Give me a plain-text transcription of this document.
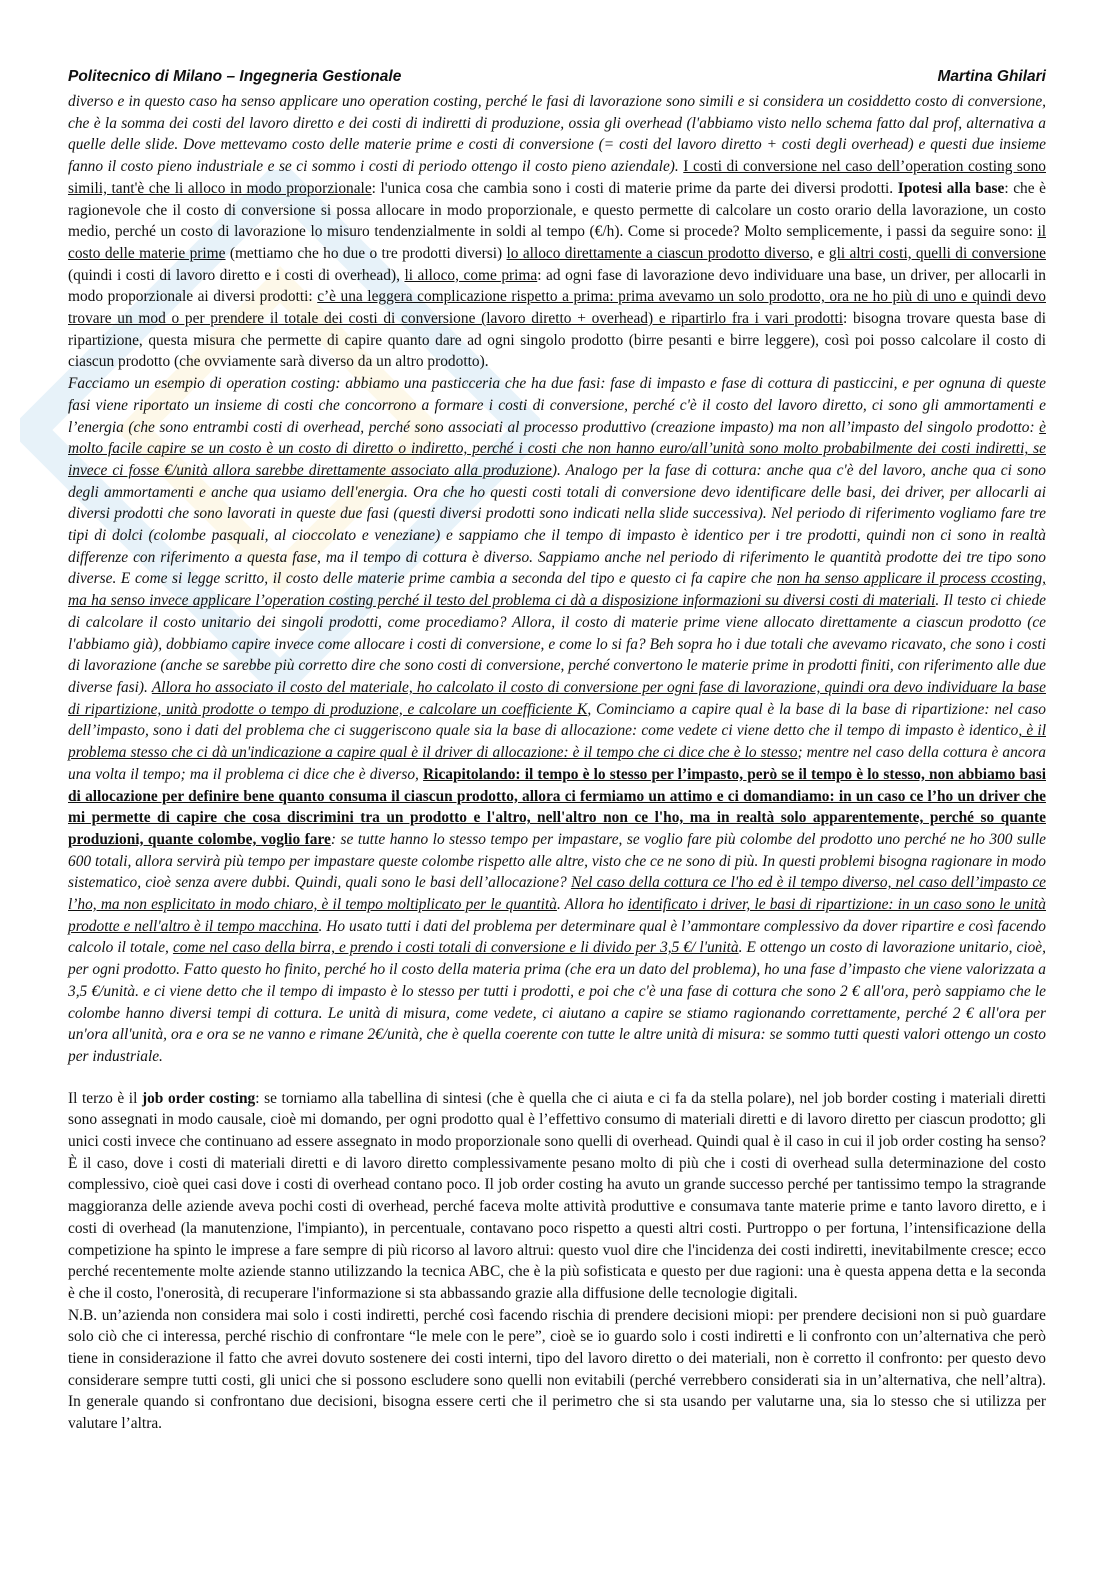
Politecnico di Milano – Ingegneria Gestionale	Martina Ghilari

diverso e in questo caso ha senso applicare uno operation costing, perché le fasi di lavorazione sono simili e si considera un cosiddetto costo di conversione, che è la somma dei costi del lavoro diretto e dei costi di indiretti di produzione, ossia gli overhead (l'abbiamo visto nello schema fatto dal prof, alternativa a quelle delle slide. Dove mettevamo costo delle materie prime e costi di conversione (= costi del lavoro diretto + costi degli overhead) e questi due insieme fanno il costo pieno industriale e se ci sommo i costi di periodo ottengo il costo pieno aziendale). I costi di conversione nel caso dell’operation costing sono simili, tant'è che li alloco in modo proporzionale: l'unica cosa che cambia sono i costi di materie prime da parte dei diversi prodotti. Ipotesi alla base: che è ragionevole che il costo di conversione si possa allocare in modo proporzionale, e questo permette di calcolare un costo orario della lavorazione, un costo medio, perché un costo di lavorazione lo misuro tendenzialmente in soldi al tempo (€/h). Come si procede? Molto semplicemente, i passi da seguire sono: il costo delle materie prime (mettiamo che ho due o tre prodotti diversi) lo alloco direttamente a ciascun prodotto diverso, e gli altri costi, quelli di conversione (quindi i costi di lavoro diretto e i costi di overhead), li alloco, come prima: ad ogni fase di lavorazione devo individuare una base, un driver, per allocarli in modo proporzionale ai diversi prodotti: c’è una leggera complicazione rispetto a prima: prima avevamo un solo prodotto, ora ne ho più di uno e quindi devo trovare un mod o per prendere il totale dei costi di conversione (lavoro diretto + overhead) e ripartirlo fra i vari prodotti: bisogna trovare questa base di ripartizione, questa misura che permette di capire quanto dare ad ogni singolo prodotto (birre pesanti e birre leggere), così poi posso calcolare il costo di ciascun prodotto (che ovviamente sarà diverso da un altro prodotto).

Facciamo un esempio di operation costing: abbiamo una pasticceria che ha due fasi: fase di impasto e fase di cottura di pasticcini, e per ognuna di queste fasi viene riportato un insieme di costi che concorrono a formare i costi di conversione, perché c'è il costo del lavoro diretto, ci sono gli ammortamenti e l’energia (che sono entrambi costi di overhead, perché sono associati al processo produttivo (creazione impasto) ma non all’impasto del singolo prodotto: è molto facile capire se un costo è un costo di diretto o indiretto, perché i costi che non hanno euro/all’unità sono molto probabilmente dei costi indiretti, se invece ci fosse €/unità allora sarebbe direttamente associato alla produzione). Analogo per la fase di cottura: anche qua c'è del lavoro, anche qua ci sono degli ammortamenti e anche qua usiamo dell'energia. Ora che ho questi costi totali di conversione devo identificare delle basi, dei driver, per allocarli ai diversi prodotti che sono lavorati in queste due fasi (questi diversi prodotti sono indicati nella slide successiva). Nel periodo di riferimento vogliamo fare tre tipi di dolci (colombe pasquali, al cioccolato e veneziane) e sappiamo che il tempo di impasto è identico per i tre prodotti, quindi non ci sono in realtà differenze con riferimento a questa fase, ma il tempo di cottura è diverso. Sappiamo anche nel periodo di riferimento le quantità prodotte dei tre tipo sono diverse. E come si legge scritto, il costo delle materie prime cambia a seconda del tipo e questo ci fa capire che non ha senso applicare il process ccosting, ma ha senso invece applicare l’operation costing perché il testo del problema ci dà a disposizione informazioni su diversi costi di materiali. Il testo ci chiede di calcolare il costo unitario dei singoli prodotti, come procediamo? Allora, il costo di materie prime viene allocato direttamente a ciascun prodotto (ce l'abbiamo già), dobbiamo capire invece come allocare i costi di conversione, e come lo si fa? Beh sopra ho i due totali che avevamo ricavato, che sono i costi di lavorazione (anche se sarebbe più corretto dire che sono costi di conversione, perché convertono le materie prime in prodotti finiti, con riferimento alle due diverse fasi). Allora ho associato il costo del materiale, ho calcolato il costo di conversione per ogni fase di lavorazione, quindi ora devo individuare la base di ripartizione, unità prodotte o tempo di produzione, e calcolare un coefficiente K, Cominciamo a capire qual è la base di la base di ripartizione: nel caso dell’impasto, sono i dati del problema che ci suggeriscono quale sia la base di allocazione: come vedete ci viene detto che il tempo di impasto è identico, è il problema stesso che ci dà un'indicazione a capire qual è il driver di allocazione: è il tempo che ci dice che è lo stesso; mentre nel caso della cottura è ancora una volta il tempo; ma il problema ci dice che è diverso, Ricapitolando: il tempo è lo stesso per l’impasto, però se il tempo è lo stesso, non abbiamo basi di allocazione per definire bene quanto consuma il ciascun prodotto, allora ci fermiamo un attimo e ci domandiamo: in un caso ce l’ho un driver che mi permette di capire che cosa discrimini tra un prodotto e l'altro, nell'altro non ce l'ho, ma in realtà solo apparentemente, perché so quante produzioni, quante colombe, voglio fare: se tutte hanno lo stesso tempo per impastare, se voglio fare più colombe del prodotto uno perché ne ho 300 sulle 600 totali, allora servirà più tempo per impastare queste colombe rispetto alle altre, visto che ce ne sono di più. In questi problemi bisogna ragionare in modo sistematico, cioè senza avere dubbi. Quindi, quali sono le basi dell’allocazione? Nel caso della cottura ce l'ho ed è il tempo diverso, nel caso dell’impasto ce l’ho, ma non esplicitato in modo chiaro, è il tempo moltiplicato per le quantità. Allora ho identificato i driver, le basi di ripartizione: in un caso sono le unità prodotte e nell'altro è il tempo macchina. Ho usato tutti i dati del problema per determinare qual è l’ammontare complessivo da dover ripartire e così facendo calcolo il totale, come nel caso della birra, e prendo i costi totali di conversione e li divido per 3,5 €/ l'unità. E ottengo un costo di lavorazione unitario, cioè, per ogni prodotto. Fatto questo ho finito, perché ho il costo della materia prima (che era un dato del problema), ho una fase d’impasto che viene valorizzata a 3,5 €/unità. e ci viene detto che il tempo di impasto è lo stesso per tutti i prodotti, e poi che c'è una fase di cottura che sono 2 € all'ora, però sappiamo che le colombe hanno diversi tempi di cottura. Le unità di misura, come vedete, ci aiutano a capire se stiamo ragionando correttamente, perché 2 € all'ora per un'ora all'unità, ora e ora se ne vanno e rimane 2€/unità, che è quella coerente con tutte le altre unità di misura: se sommo tutti questi valori ottengo un costo per industriale.

Il terzo è il job order costing: se torniamo alla tabellina di sintesi (che è quella che ci aiuta e ci fa da stella polare), nel job border costing i materiali diretti sono assegnati in modo causale, cioè mi domando, per ogni prodotto qual è l’effettivo consumo di materiali diretti e di lavoro diretto per ciascun prodotto; gli unici costi invece che continuano ad essere assegnato in modo proporzionale sono quelli di overhead. Quindi qual è il caso in cui il job order costing ha senso? È il caso, dove i costi di materiali diretti e di lavoro diretto complessivamente pesano molto di più che i costi di overhead sulla determinazione del costo complessivo, cioè quei casi dove i costi di overhead contano poco. Il job order costing ha avuto un grande successo perché per tantissimo tempo la stragrande maggioranza delle aziende aveva pochi costi di overhead, perché faceva molte attività produttive e consumava tante materie prime e tanto lavoro diretto, e i costi di overhead (la manutenzione, l'impianto), in percentuale, contavano poco rispetto a questi altri costi. Purtroppo o per fortuna, l’intensificazione della competizione ha spinto le imprese a fare sempre di più ricorso al lavoro altrui: questo vuol dire che l'incidenza dei costi indiretti, inevitabilmente cresce; ecco perché recentemente molte aziende stanno utilizzando la tecnica ABC, che è la più sofisticata e questo per due ragioni: una è questa appena detta e la seconda è che il costo, l'onerosità, di recuperare l'informazione si sta abbassando grazie alla diffusione delle tecnologie digitali.

N.B. un’azienda non considera mai solo i costi indiretti, perché così facendo rischia di prendere decisioni miopi: per prendere decisioni non si può guardare solo ciò che ci interessa, perché rischio di confrontare “le mele con le pere”, cioè se io guardo solo i costi indiretti e li confronto con un’alternativa che però tiene in considerazione il fatto che avrei dovuto sostenere dei costi interni, tipo del lavoro diretto o dei materiali, non è corretto il confronto: per questo devo considerare sempre tutti costi, gli unici che si possono escludere sono quelli non evitabili (perché verrebbero considerati sia in un’alternativa, che nell’altra). In generale quando si confrontano due decisioni, bisogna essere certi che il perimetro che si sta usando per valutarne una, sia lo stesso che si utilizza per valutare l’altra.
